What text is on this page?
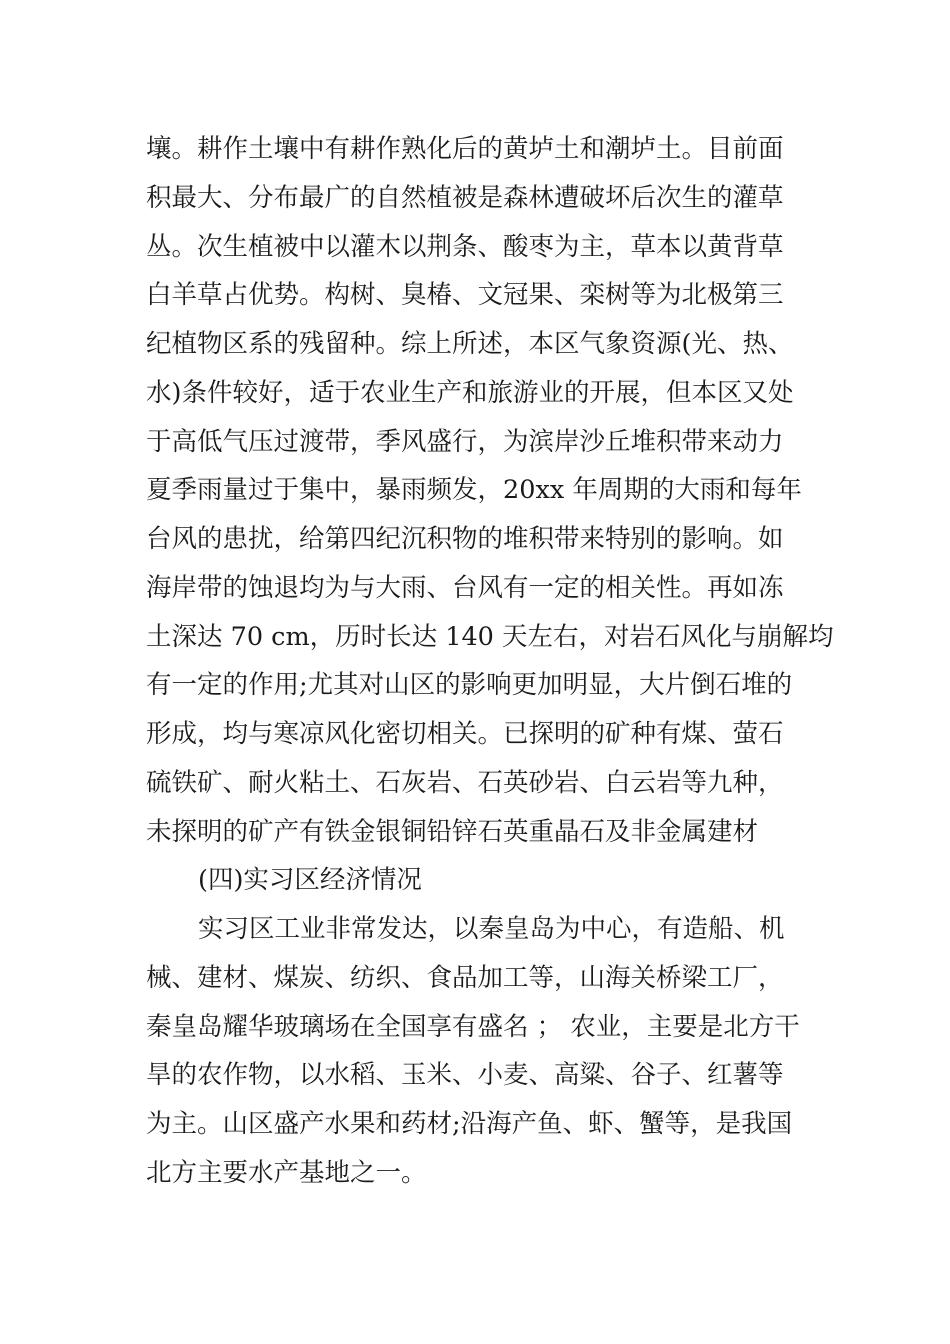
壤。耕作土壤中有耕作熟化后的黄垆土和潮垆土。目前面
积最大、分布最广的自然植被是森林遭破坏后次生的灌草
丛。次生植被中以灌木以荆条、酸枣为主，草本以黄背草
白羊草占优势。构树、臭椿、文冠果、栾树等为北极第三
纪植物区系的残留种。综上所述，本区气象资源(光、热、
水)条件较好，适于农业生产和旅游业的开展，但本区又处
于高低气压过渡带，季风盛行，为滨岸沙丘堆积带来动力
夏季雨量过于集中，暴雨频发，20xx 年周期的大雨和每年
台风的患扰，给第四纪沉积物的堆积带来特别的影响。如
海岸带的蚀退均为与大雨、台风有一定的相关性。再如冻
土深达 70 cm，历时长达 140 天左右，对岩石风化与崩解均
有一定的作用;尤其对山区的影响更加明显，大片倒石堆的
形成，均与寒凉风化密切相关。已探明的矿种有煤、萤石
硫铁矿、耐火粘土、石灰岩、石英砂岩、白云岩等九种，
未探明的矿产有铁金银铜铅锌石英重晶石及非金属建材
(四)实习区经济情况
实习区工业非常发达，以秦皇岛为中心，有造船、机
械、建材、煤炭、纺织、食品加工等，山海关桥梁工厂，
秦皇岛耀华玻璃场在全国享有盛名 ； 农业，主要是北方干
旱的农作物，以水稻、玉米、小麦、高粱、谷子、红薯等
为主。山区盛产水果和药材;沿海产鱼、虾、蟹等，是我国
北方主要水产基地之一。
